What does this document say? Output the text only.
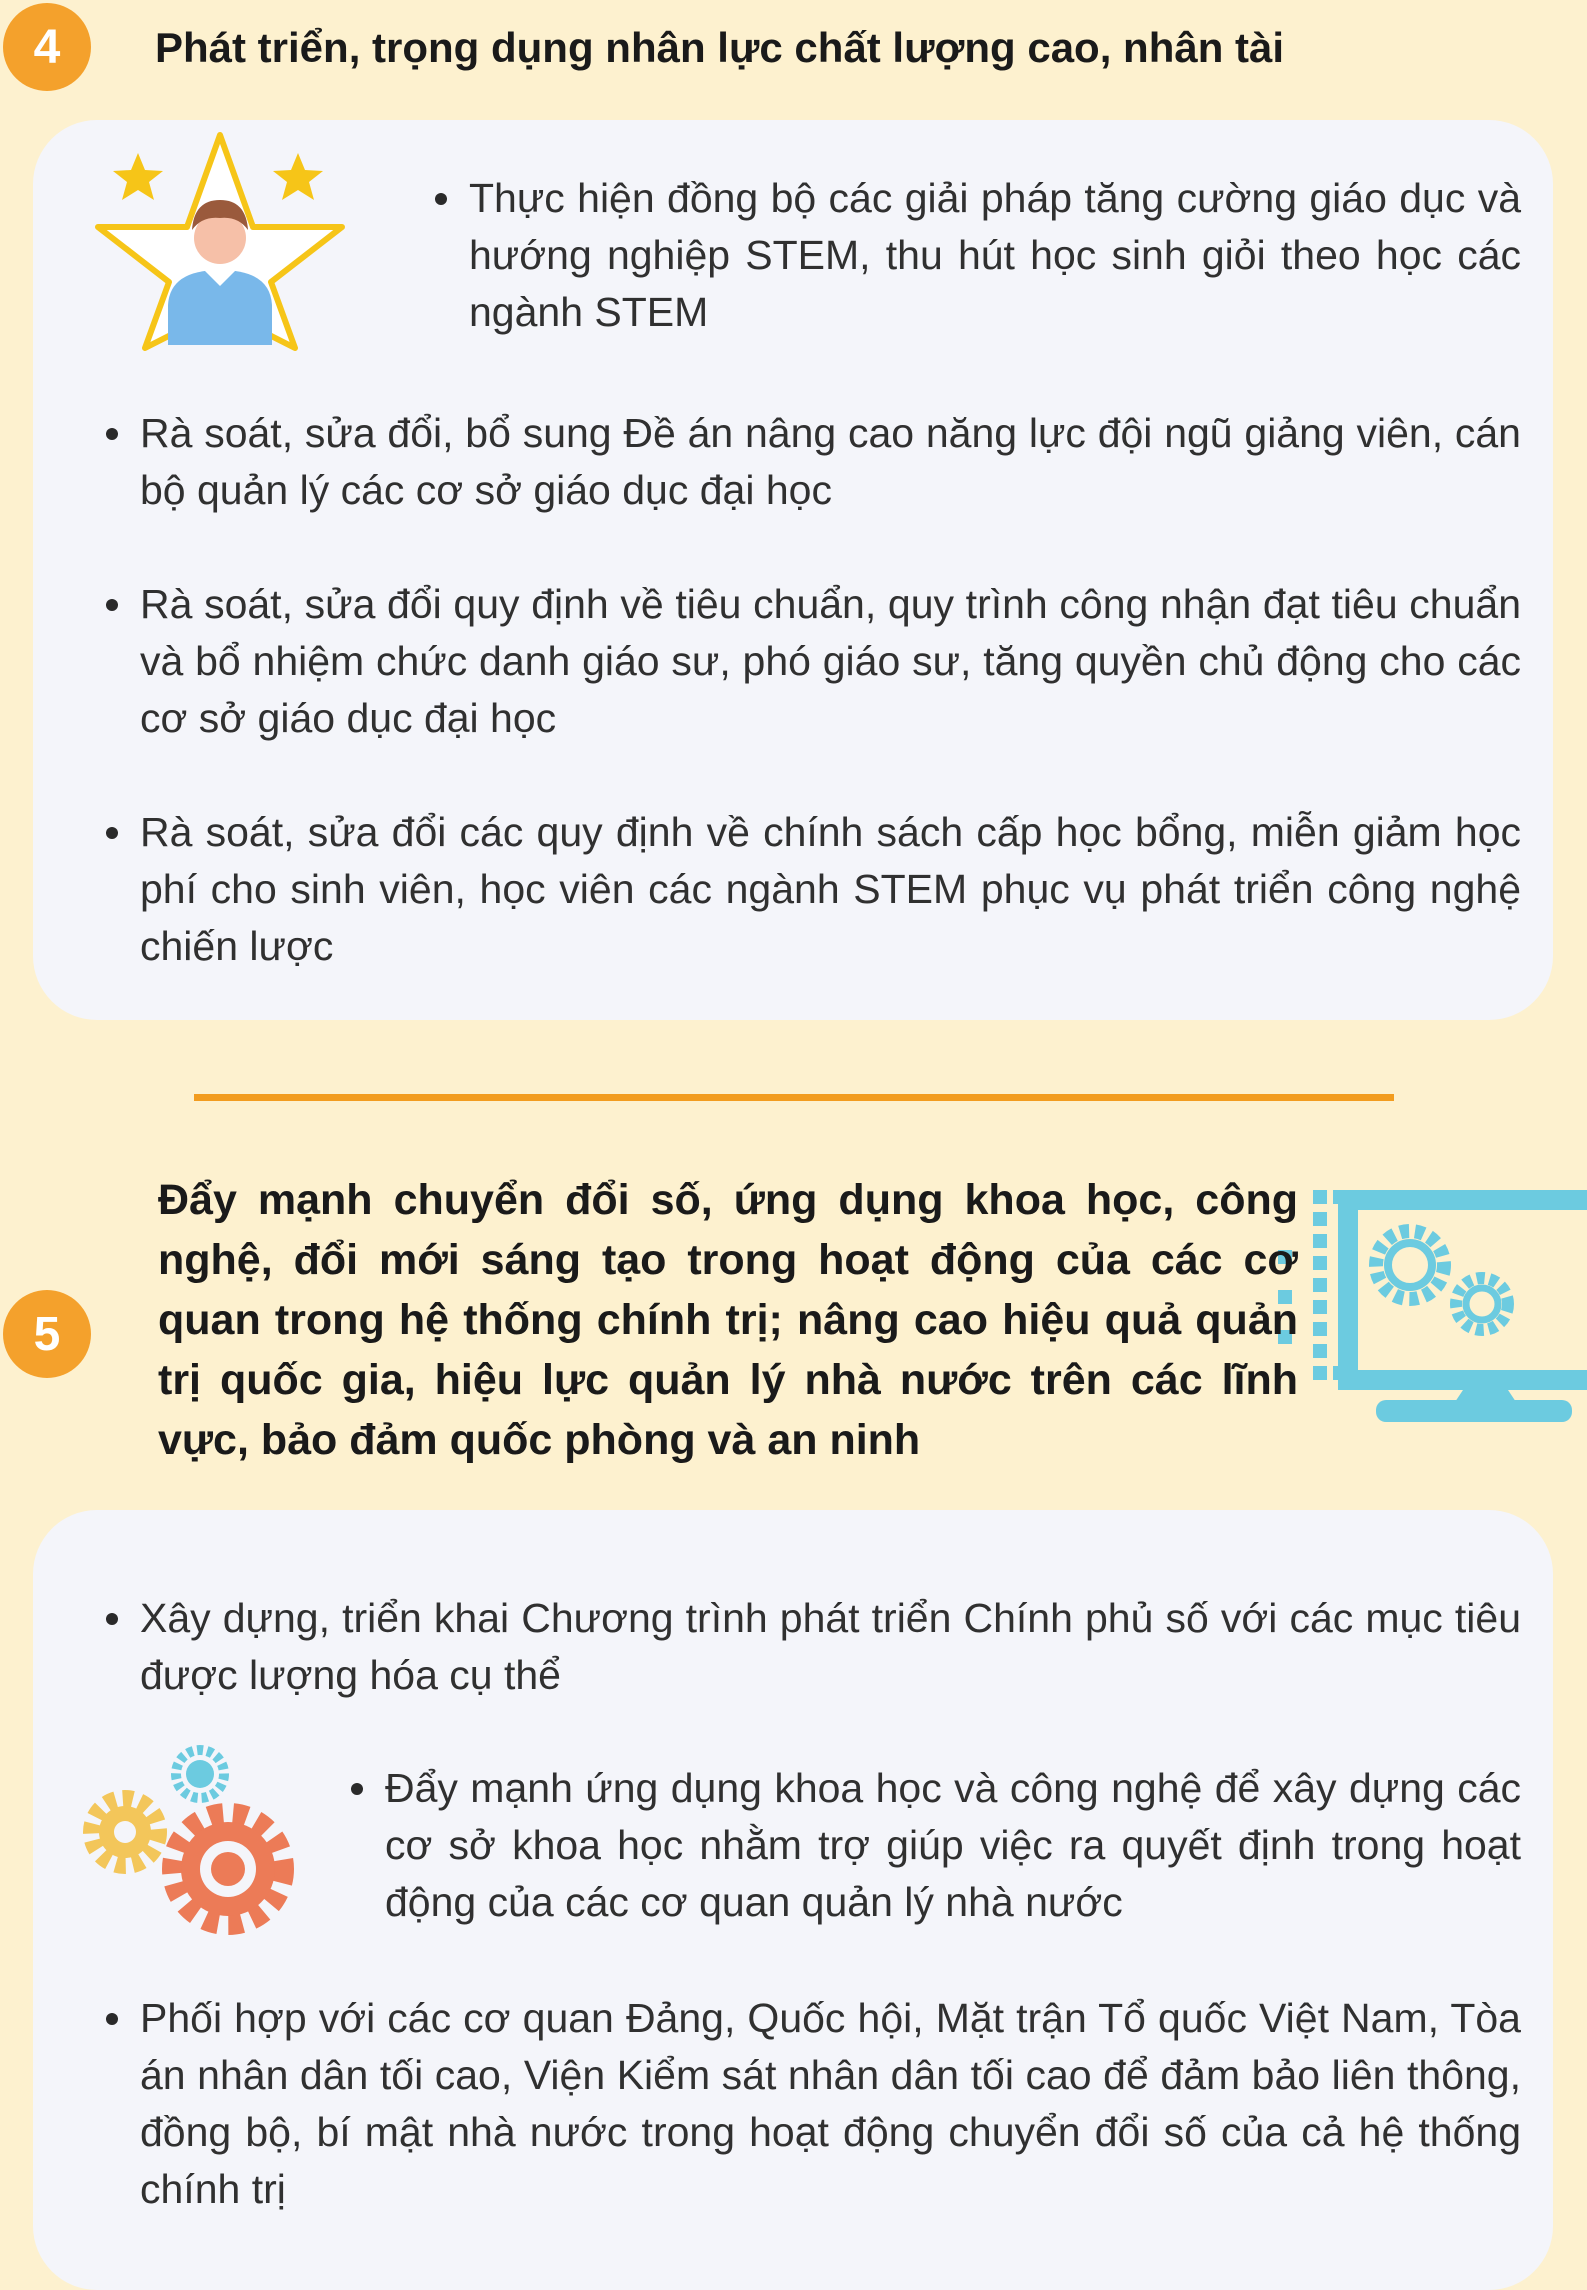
4	Phát triển, trọng dụng nhân lực chất lượng cao, nhân tài
Thực hiện đồng bộ các giải pháp tăng cường giáo dục và hướng nghiệp STEM, thu hút học sinh giỏi theo học các ngành STEM
Rà soát, sửa đổi, bổ sung Đề án nâng cao năng lực đội ngũ giảng viên, cán bộ quản lý các cơ sở giáo dục đại học
Rà soát, sửa đổi quy định về tiêu chuẩn, quy trình công nhận đạt tiêu chuẩn và bổ nhiệm chức danh giáo sư, phó giáo sư, tăng quyền chủ động cho các cơ sở giáo dục đại học
Rà soát, sửa đổi các quy định về chính sách cấp học bổng, miễn giảm học phí cho sinh viên, học viên các ngành STEM phục vụ phát triển công nghệ chiến lược
5
Đẩy mạnh chuyển đổi số, ứng dụng khoa học, công nghệ, đổi mới sáng tạo trong hoạt động của các cơ quan trong hệ thống chính trị; nâng cao hiệu quả quản trị quốc gia, hiệu lực quản lý nhà nước trên các lĩnh vực, bảo đảm quốc phòng và an ninh
Xây dựng, triển khai Chương trình phát triển Chính phủ số với các mục tiêu được lượng hóa cụ thể
Đẩy mạnh ứng dụng khoa học và công nghệ để xây dựng các cơ sở khoa học nhằm trợ giúp việc ra quyết định trong hoạt động của các cơ quan quản lý nhà nước
Phối hợp với các cơ quan Đảng, Quốc hội, Mặt trận Tổ quốc Việt Nam, Tòa án nhân dân tối cao, Viện Kiểm sát nhân dân tối cao để đảm bảo liên thông, đồng bộ, bí mật nhà nước trong hoạt động chuyển đổi số của cả hệ thống chính trị
